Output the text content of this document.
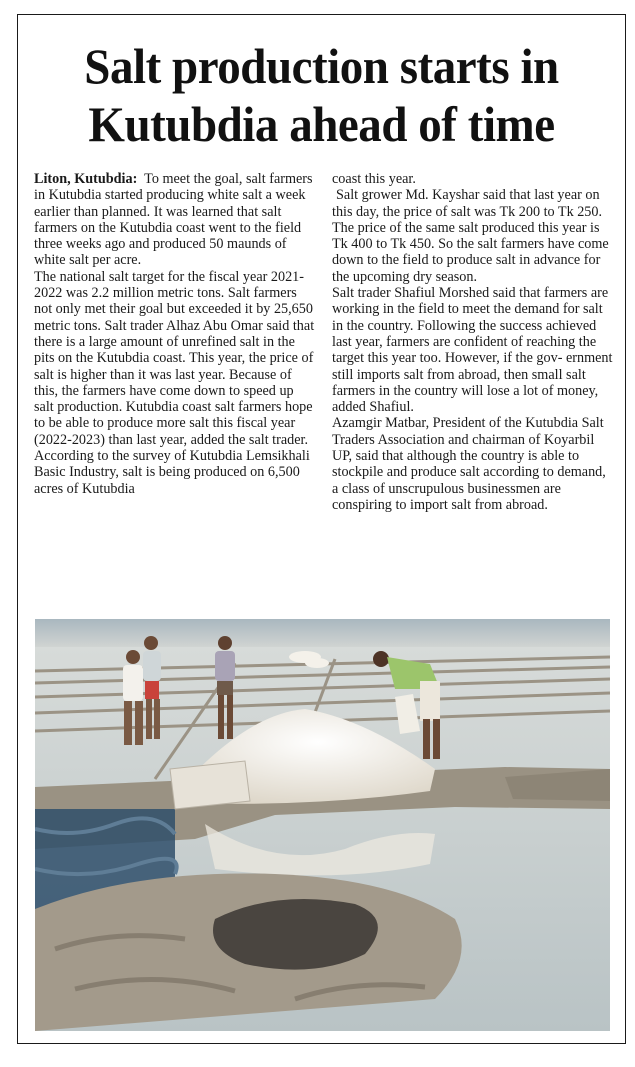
Salt production starts in
Kutubdia ahead of time

Liton, Kutubdia: To meet the goal, salt farmers in Kutubdia started producing white salt a week earlier than planned. It was learned that salt farmers on the Kutubdia coast went to the field three weeks ago and produced 50 maunds of white salt per acre.

The national salt target for the fiscal year 2021-2022 was 2.2 million metric tons. Salt farmers not only met their goal but exceeded it by 25,650 metric tons. Salt trader Alhaz Abu Omar said that there is a large amount of unrefined salt in the pits on the Kutubdia coast. This year, the price of salt is higher than it was last year. Because of this, the farmers have come down to speed up salt production. Kutubdia coast salt farmers hope to be able to produce more salt this fiscal year (2022-2023) than last year, added the salt trader.

According to the survey of Kutubdia Lemsikhali Basic Industry, salt is being produced on 6,500 acres of Kutubdia

coast this year.

Salt grower Md. Kayshar said that last year on this day, the price of salt was Tk 200 to Tk 250. The price of the same salt produced this year is Tk 400 to Tk 450. So the salt farmers have come down to the field to produce salt in advance for the upcoming dry season.

Salt trader Shafiul Morshed said that farmers are working in the field to meet the demand for salt in the country. Following the success achieved last year, farmers are confident of reaching the target this year too. However, if the gov- ernment still imports salt from abroad, then small salt farmers in the country will lose a lot of money, added Shafiul.

Azamgir Matbar, President of the Kutubdia Salt Traders Association and chairman of Koyarbil UP, said that although the country is able to stockpile and produce salt according to demand, a class of unscrupulous businessmen are conspiring to import salt from abroad.
